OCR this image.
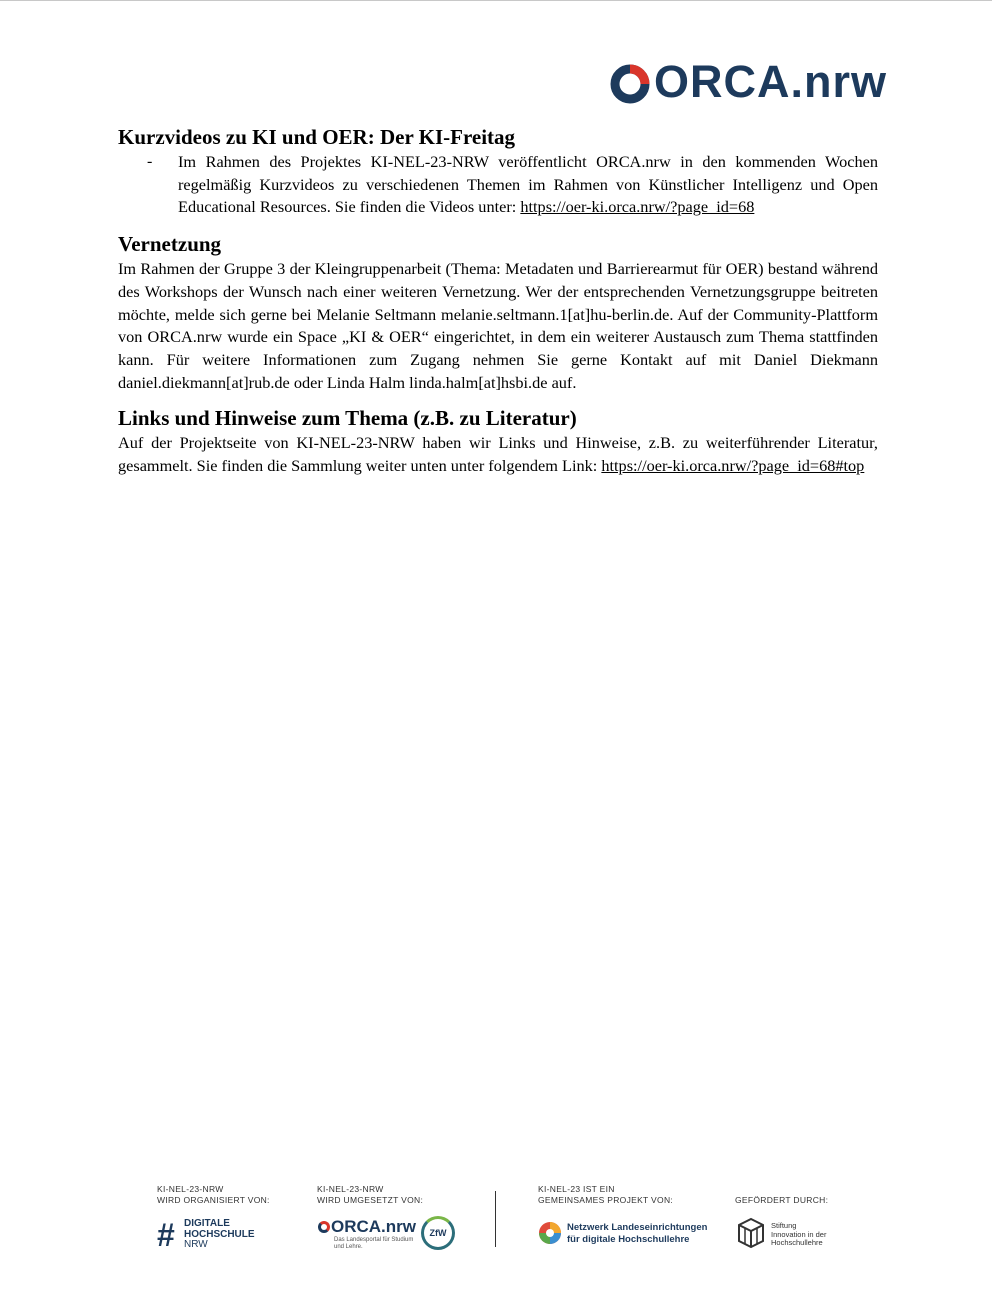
ORCA.nrw
Kurzvideos zu KI und OER: Der KI-Freitag
- Im Rahmen des Projektes KI-NEL-23-NRW veröffentlicht ORCA.nrw in den kommenden Wochen regelmäßig Kurzvideos zu verschiedenen Themen im Rahmen von Künstlicher Intelligenz und Open Educational Resources. Sie finden die Videos unter: https://oer-ki.orca.nrw/?page_id=68

Vernetzung

Im Rahmen der Gruppe 3 der Kleingruppenarbeit (Thema: Metadaten und Barrierearmut für OER) bestand während des Workshops der Wunsch nach einer weiteren Vernetzung. Wer der entsprechenden Vernetzungsgruppe beitreten möchte, melde sich gerne bei Melanie Seltmann melanie.seltmann.1[at]hu-berlin.de. Auf der Community-Plattform von ORCA.nrw wurde ein Space „KI & OER“ eingerichtet, in dem ein weiterer Austausch zum Thema stattfinden kann. Für weitere Informationen zum Zugang nehmen Sie gerne Kontakt auf mit Daniel Diekmann daniel.diekmann[at]rub.de oder Linda Halm linda.halm[at]hsbi.de auf.

Links und Hinweise zum Thema (z.B. zu Literatur)

Auf der Projektseite von KI-NEL-23-NRW haben wir Links und Hinweise, z.B. zu weiterführender Literatur, gesammelt. Sie finden die Sammlung weiter unten unter folgendem Link: https://oer-ki.orca.nrw/?page_id=68#top

KI-NEL-23-NRW
WIRD ORGANISIERT VON:
KI-NEL-23-NRW
WIRD UMGESETZT VON:
KI-NEL-23 IST EIN
GEMEINSAMES PROJEKT VON:	GEFÖRDERT DURCH:
# DIGITALE
HOCHSCHULE
NRW
ORCA.nrw
Das Landesportal für Studium und Lehre.
ZfW	Netzwerk Landeseinrichtungen
für digitale Hochschullehre
Stiftung
Innovation in der
Hochschullehre
